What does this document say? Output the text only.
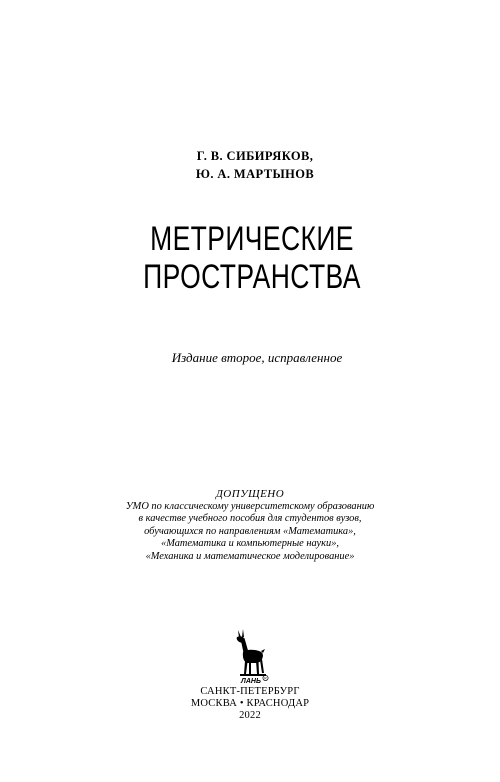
Г. В. СИБИРЯКОВ,
Ю. А. МАРТЫНОВ
МЕТРИЧЕСКИЕ
ПРОСТРАНСТВА
Издание второе, исправленное
ДОПУЩЕНО
УМО по классическому университетскому образованию
в качестве учебного пособия для студентов вузов,
обучающихся по направлениям «Математика»,
«Математика и компьютерные науки»,
«Механика и математическое моделирование»
R
ЛАНЬ
САНКТ-ПЕТЕРБУРГ
МОСКВА • КРАСНОДАР
2022
